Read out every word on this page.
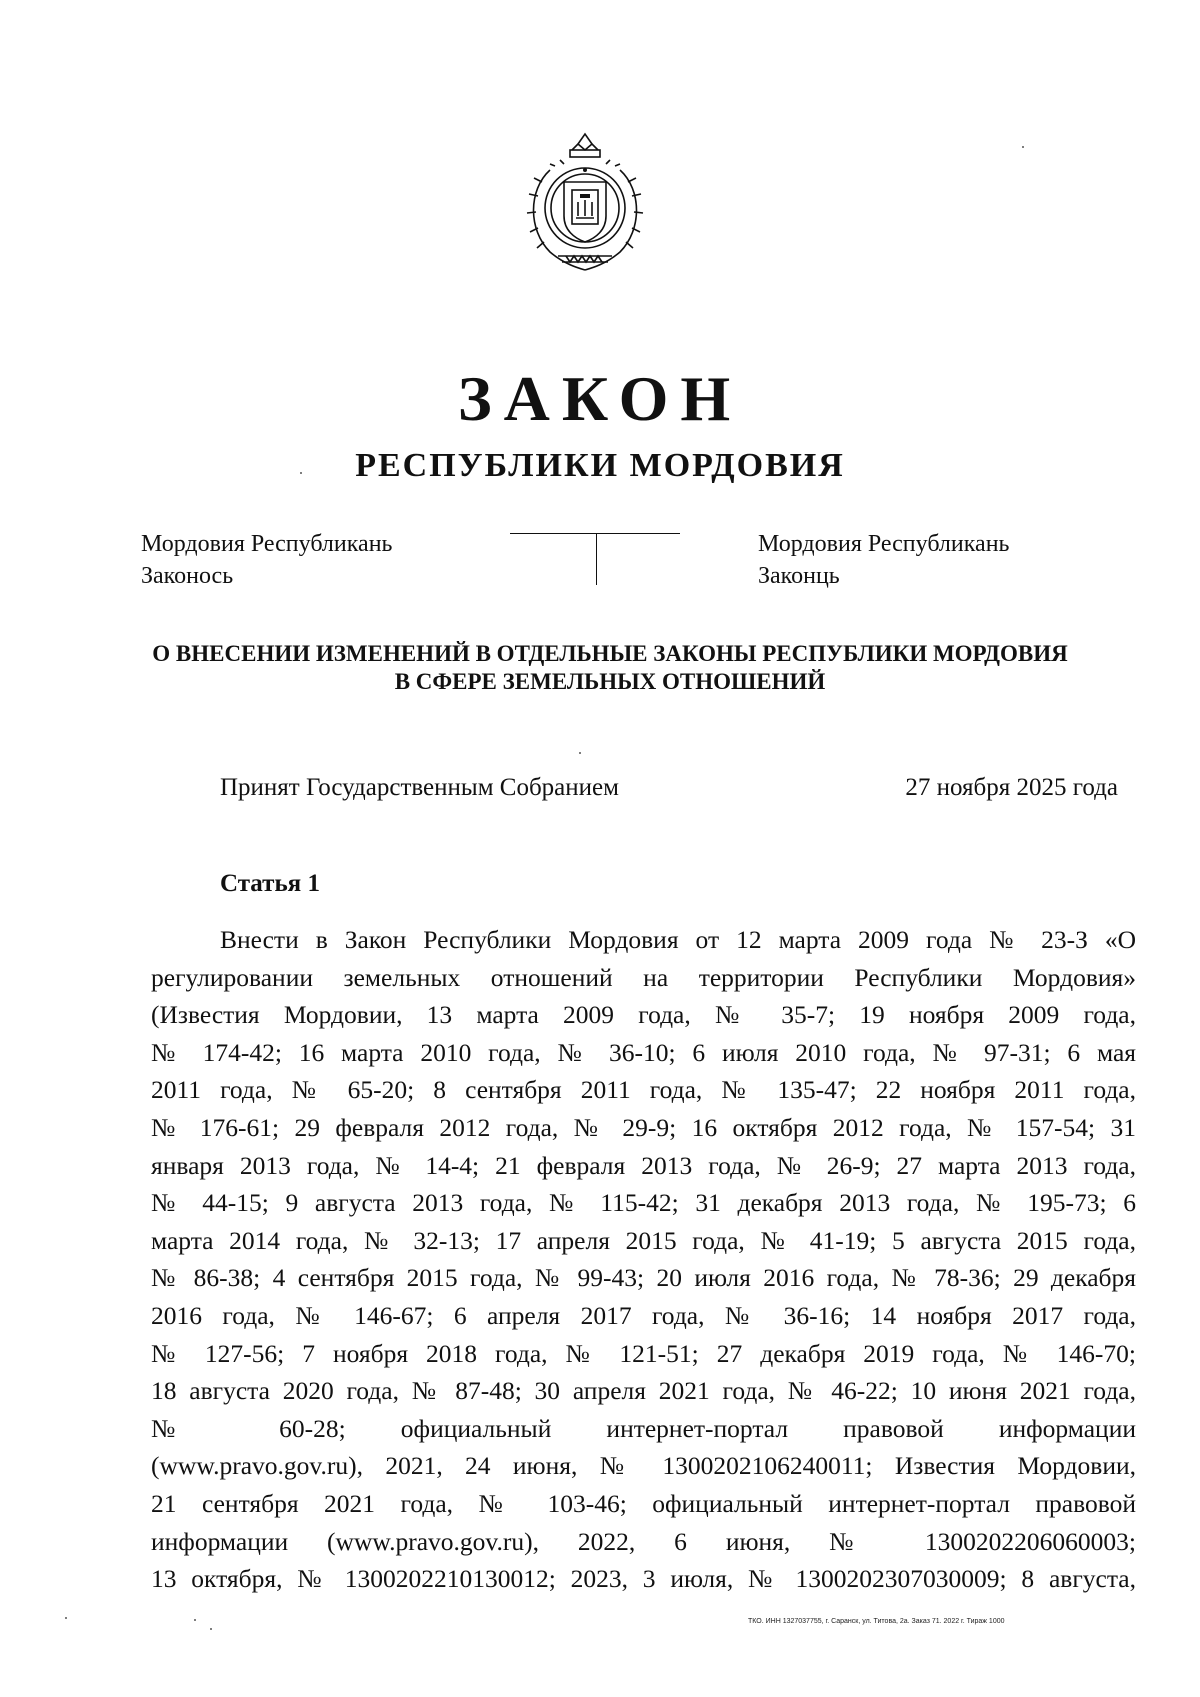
ЗАКОН
РЕСПУБЛИКИ МОРДОВИЯ
Мордовия Республикань
Законось
Мордовия Республикань
Законць
О ВНЕСЕНИИ ИЗМЕНЕНИЙ В ОТДЕЛЬНЫЕ ЗАКОНЫ РЕСПУБЛИКИ МОРДОВИЯ
В СФЕРЕ ЗЕМЕЛЬНЫХ ОТНОШЕНИЙ
Принят Государственным Собранием	27 ноября 2025 года
Статья 1
Внести в Закон Республики Мордовия от 12 марта 2009 года № 23-З «О
регулировании земельных отношений на территории Республики Мордовия»
(Известия Мордовии, 13 марта 2009 года, № 35-7; 19 ноября 2009 года,
№ 174-42; 16 марта 2010 года, № 36-10; 6 июля 2010 года, № 97-31; 6 мая
2011 года, № 65-20; 8 сентября 2011 года, № 135-47; 22 ноября 2011 года,
№ 176-61; 29 февраля 2012 года, № 29-9; 16 октября 2012 года, № 157-54; 31
января 2013 года, № 14-4; 21 февраля 2013 года, № 26-9; 27 марта 2013 года,
№ 44-15; 9 августа 2013 года, № 115-42; 31 декабря 2013 года, № 195-73; 6
марта 2014 года, № 32-13; 17 апреля 2015 года, № 41-19; 5 августа 2015 года,
№ 86-38; 4 сентября 2015 года, № 99-43; 20 июля 2016 года, № 78-36; 29 декабря
2016 года, № 146-67; 6 апреля 2017 года, № 36-16; 14 ноября 2017 года,
№ 127-56; 7 ноября 2018 года, № 121-51; 27 декабря 2019 года, № 146-70;
18 августа 2020 года, № 87-48; 30 апреля 2021 года, № 46-22; 10 июня 2021 года,
№ 60-28; официальный интернет-портал правовой информации
(www.pravo.gov.ru), 2021, 24 июня, № 1300202106240011; Известия Мордовии,
21 сентября 2021 года, № 103-46; официальный интернет-портал правовой
информации (www.pravo.gov.ru), 2022, 6 июня, № 1300202206060003;
13 октября, № 1300202210130012; 2023, 3 июля, № 1300202307030009; 8 августа,
ТКО. ИНН 1327037755, г. Саранск, ул. Титова, 2а. Заказ 71. 2022 г. Тираж 1000
